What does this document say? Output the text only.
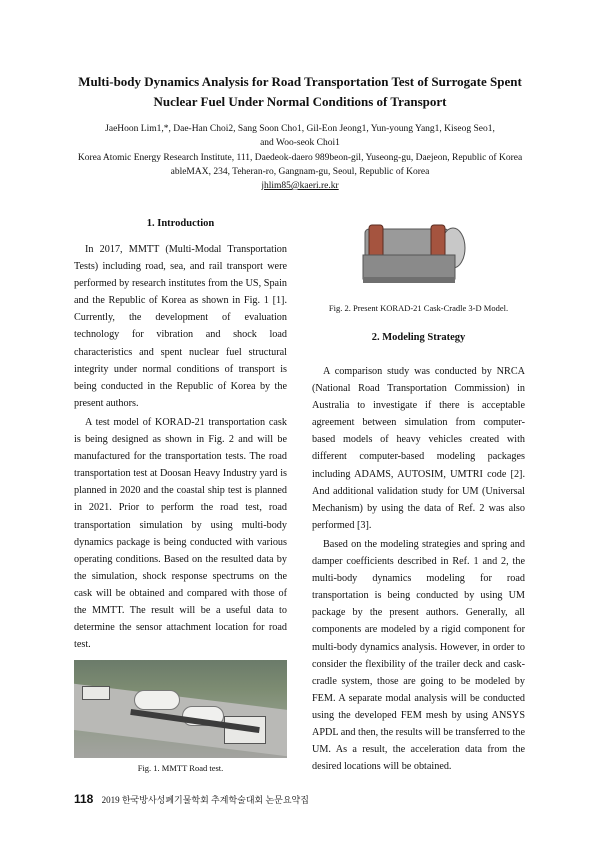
Multi-body Dynamics Analysis for Road Transportation Test of Surrogate Spent
Nuclear Fuel Under Normal Conditions of Transport
JaeHoon Lim1,*, Dae-Han Choi2, Sang Soon Cho1, Gil-Eon Jeong1, Yun-young Yang1, Kiseog Seo1,
and Woo-seok Choi1
Korea Atomic Energy Research Institute, 111, Daedeok-daero 989beon-gil, Yuseong-gu, Daejeon, Republic of Korea
ableMAX, 234, Teheran-ro, Gangnam-gu, Seoul, Republic of Korea
jhlim85@kaeri.re.kr
1. Introduction

In 2017, MMTT (Multi-Modal Transportation Tests) including road, sea, and rail transport were performed by research institutes from the US, Spain and the Republic of Korea as shown in Fig. 1 [1]. Currently, the development of evaluation technology for vibration and shock load characteristics and spent nuclear fuel structural integrity under normal conditions of transport is being conducted in the Republic of Korea by the present authors.

A test model of KORAD-21 transportation cask is being designed as shown in Fig. 2 and will be manufactured for the transportation tests. The road transportation test at Doosan Heavy Industry yard is planned in 2020 and the coastal ship test is planned in 2021. Prior to perform the road test, road transportation simulation by using multi-body dynamics package is being conducted with various operating conditions. Based on the resulted data by the simulation, shock response spectrums on the cask will be obtained and compared with those of the MMTT. The result will be a useful data to determine the sensor attachment location for road test.

Fig. 1. MMTT Road test.
Fig. 2. Present KORAD-21 Cask-Cradle 3-D Model.
2. Modeling Strategy

A comparison study was conducted by NRCA (National Road Transportation Commission) in Australia to investigate if there is acceptable agreement between simulation from computer-based models of heavy vehicles created with different computer-based modeling packages including ADAMS, AUTOSIM, UMTRI code [2]. And additional validation study for UM (Universal Mechanism) by using the data of Ref. 2 was also performed [3].

Based on the modeling strategies and spring and damper coefficients described in Ref. 1 and 2, the multi-body dynamics modeling for road transportation is being conducted by using UM package by the present authors. Generally, all components are modeled by a rigid component for multi-body dynamics analysis. However, in order to consider the flexibility of the trailer deck and cask-cradle system, those are going to be modeled by FEM. A separate modal analysis will be conducted using the developed FEM mesh by using ANSYS APDL and then, the results will be transferred to the UM. As a result, the acceleration data from the desired locations will be obtained.

118 2019 한국방사성폐기물학회 추계학술대회 논문요약집
